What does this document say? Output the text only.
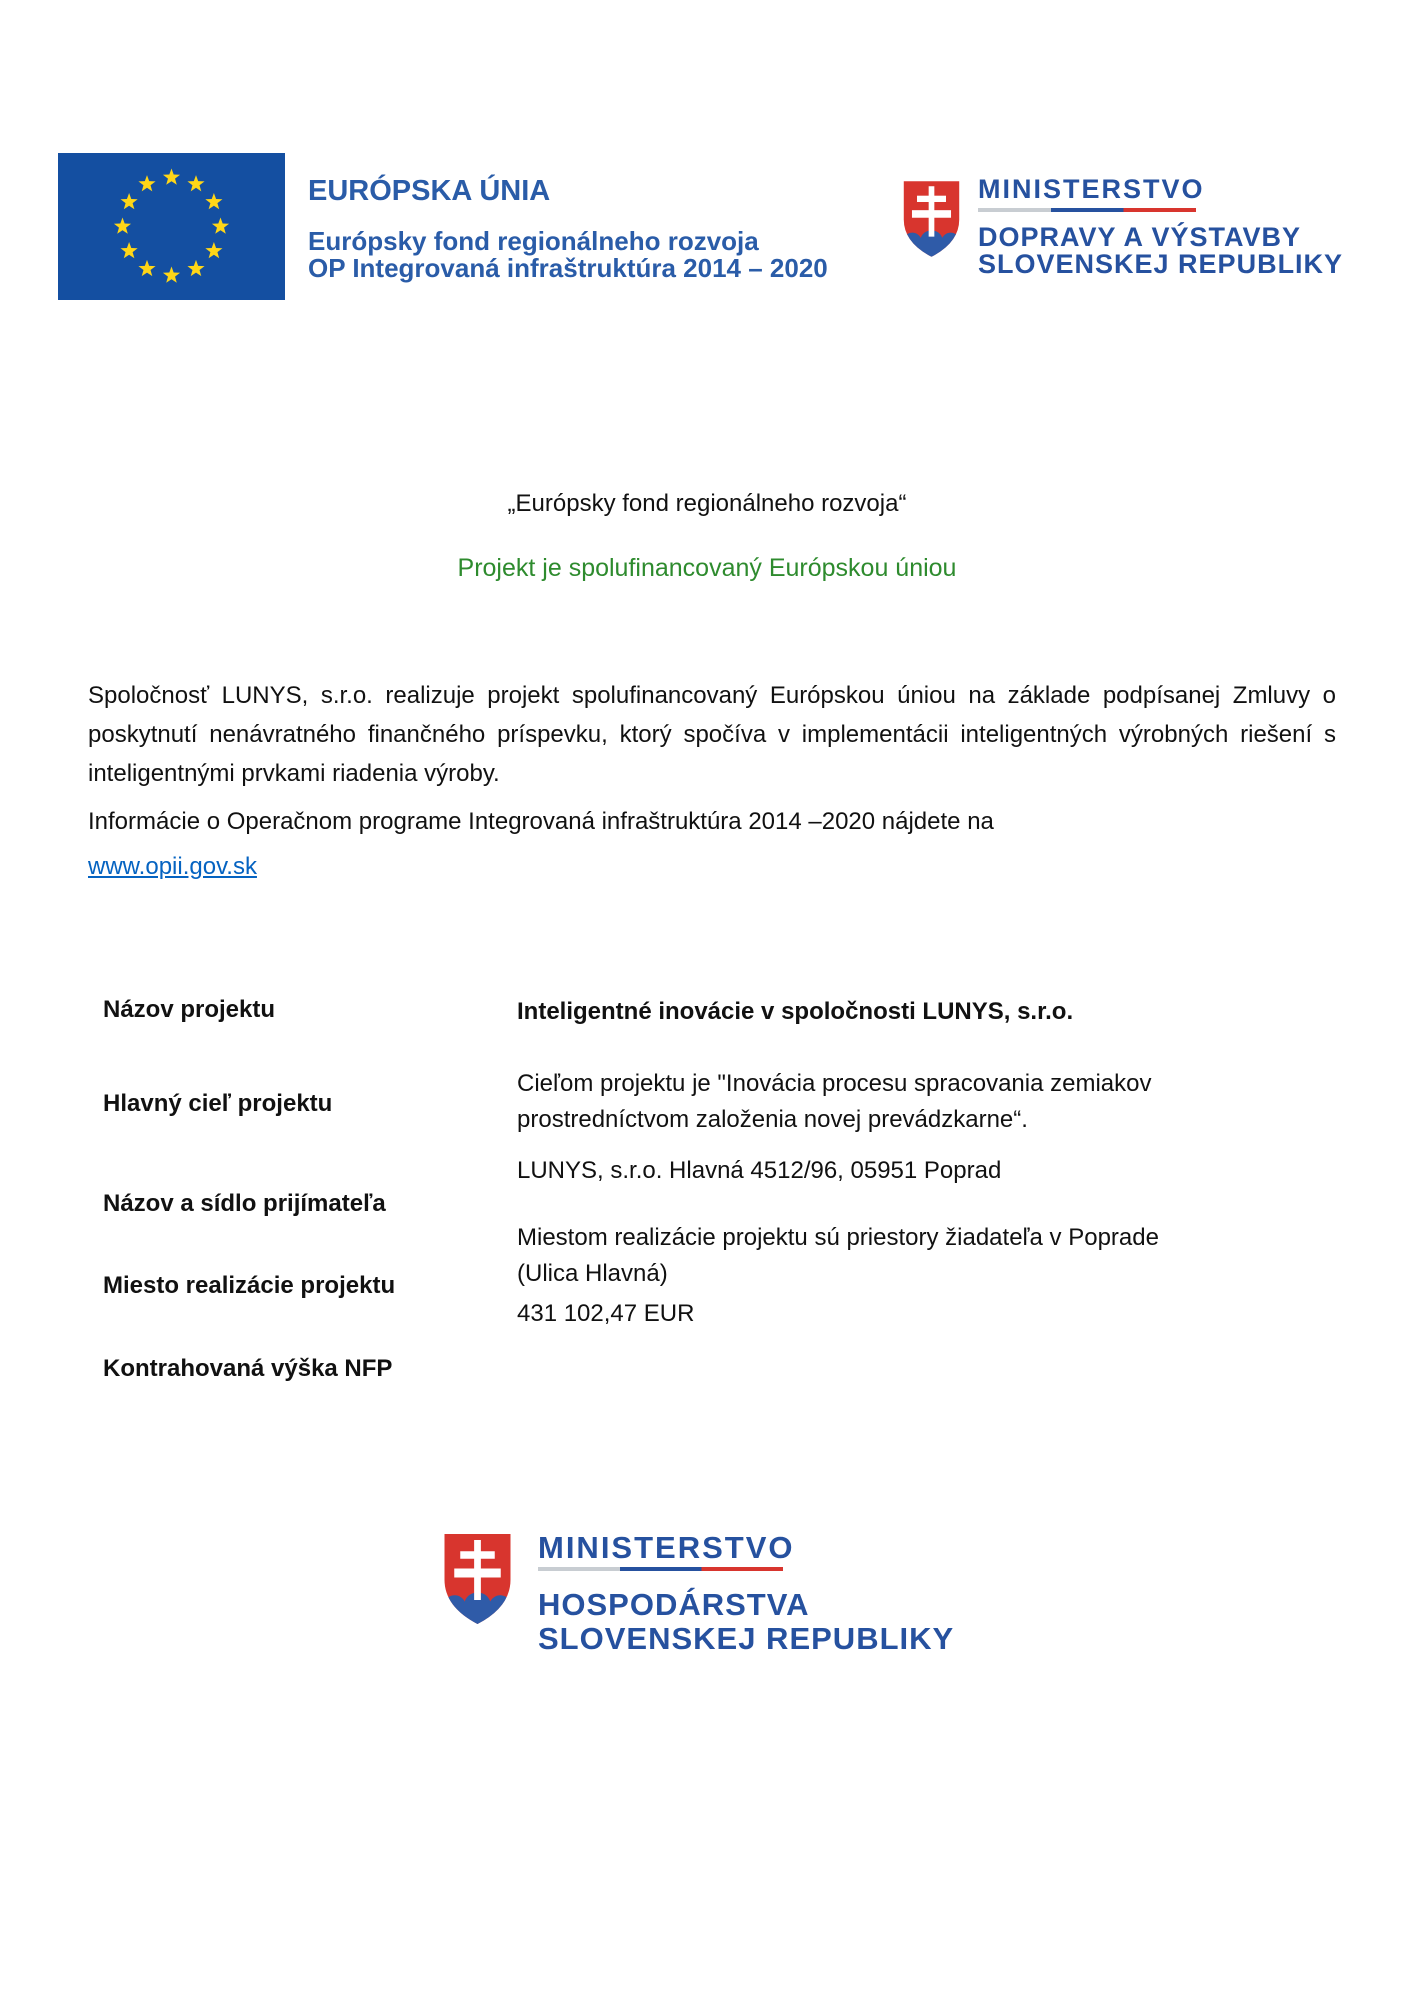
EURÓPSKA ÚNIA
Európsky fond regionálneho rozvoja
OP Integrovaná infraštruktúra 2014 – 2020
MINISTERSTVO
DOPRAVY A VÝSTAVBY
SLOVENSKEJ REPUBLIKY
„Európsky fond regionálneho rozvoja“
Projekt je spolufinancovaný Európskou úniou
Spoločnosť LUNYS, s.r.o. realizuje projekt spolufinancovaný Európskou úniou na základe podpísanej Zmluvy o poskytnutí nenávratného finančného príspevku, ktorý spočíva v implementácii inteligentných výrobných riešení s inteligentnými prvkami riadenia výroby.
Informácie o Operačnom programe Integrovaná infraštruktúra 2014 –2020 nájdete na
www.opii.gov.sk
Názov projektu
Hlavný cieľ projektu
Názov a sídlo prijímateľa
Miesto realizácie projektu
Kontrahovaná výška NFP
Inteligentné inovácie v spoločnosti LUNYS, s.r.o.
Cieľom projektu je "Inovácia procesu spracovania zemiakov prostredníctvom založenia novej prevádzkarne“.
LUNYS, s.r.o. Hlavná 4512/96, 05951 Poprad
Miestom realizácie projektu sú priestory žiadateľa v Poprade (Ulica Hlavná)
431 102,47 EUR
MINISTERSTVO
HOSPODÁRSTVA
SLOVENSKEJ REPUBLIKY
